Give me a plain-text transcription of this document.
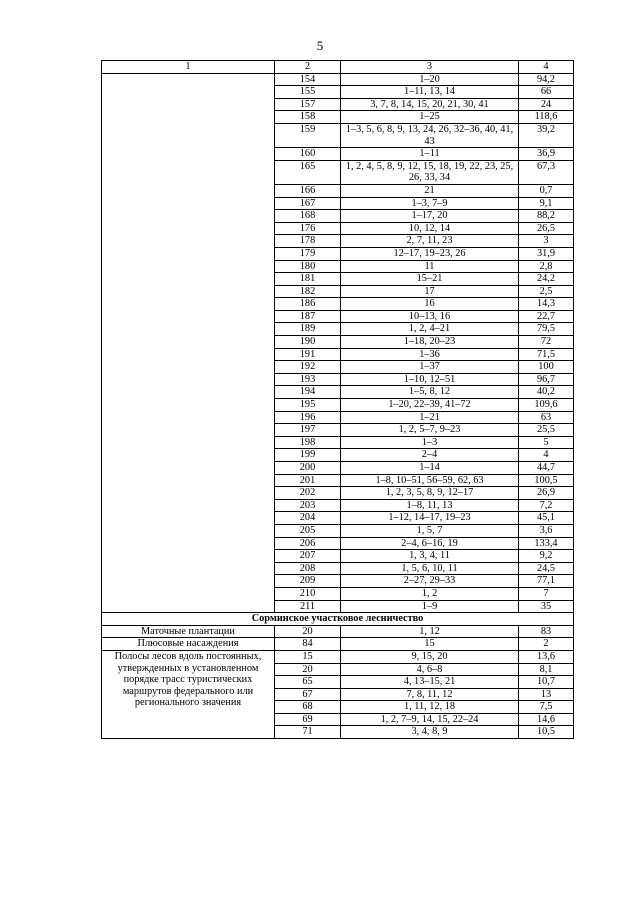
5
1	2	3	4
	154	1–20	94,2
	155	1–11, 13, 14	66
	157	3, 7, 8, 14, 15, 20, 21, 30, 41	24
	158	1–25	118,6
	159	1–3, 5, 6, 8, 9, 13, 24, 26, 32–36, 40, 41, 43	39,2
	160	1–11	36,9
	165	1, 2, 4, 5, 8, 9, 12, 15, 18, 19, 22, 23, 25, 26, 33, 34	67,3
	166	21	0,7
	167	1–3, 7–9	9,1
	168	1–17, 20	88,2
	176	10, 12, 14	26,5
	178	2, 7, 11, 23	3
	179	12–17, 19–23, 26	31,9
	180	11	2,8
	181	15–21	24,2
	182	17	2,5
	186	16	14,3
	187	10–13, 16	22,7
	189	1, 2, 4–21	79,5
	190	1–18, 20–23	72
	191	1–36	71,5
	192	1–37	100
	193	1–10, 12–51	96,7
	194	1–5, 8, 12	40,2
	195	1–20, 22–39, 41–72	109,6
	196	1–21	63
	197	1, 2, 5–7, 9–23	25,5
	198	1–3	5
	199	2–4	4
	200	1–14	44,7
	201	1–8, 10–51, 56–59, 62, 63	100,5
	202	1, 2, 3, 5, 8, 9, 12–17	26,9
	203	1–8, 11, 13	7,2
	204	1–12, 14–17, 19–23	45,1
	205	1, 5, 7	3,6
	206	2–4, 6–16, 19	133,4
	207	1, 3, 4, 11	9,2
	208	1, 5, 6, 10, 11	24,5
	209	2–27, 29–33	77,1
	210	1, 2	7
	211	1–9	35
Сорминское участковое лесничество			
Маточные плантации	20	1, 12	83
Плюсовые насаждения	84	15	2
Полосы лесов вдоль постоянных, утвержденных в установленном порядке трасс туристических маршрутов федерального или регионального значения	15	9, 15, 20	13,6
	20	4, 6–8	8,1
	65	4, 13–15, 21	10,7
	67	7, 8, 11, 12	13
	68	1, 11, 12, 18	7,5
	69	1, 2, 7–9, 14, 15, 22–24	14,6
	71	3, 4, 8, 9	10,5
